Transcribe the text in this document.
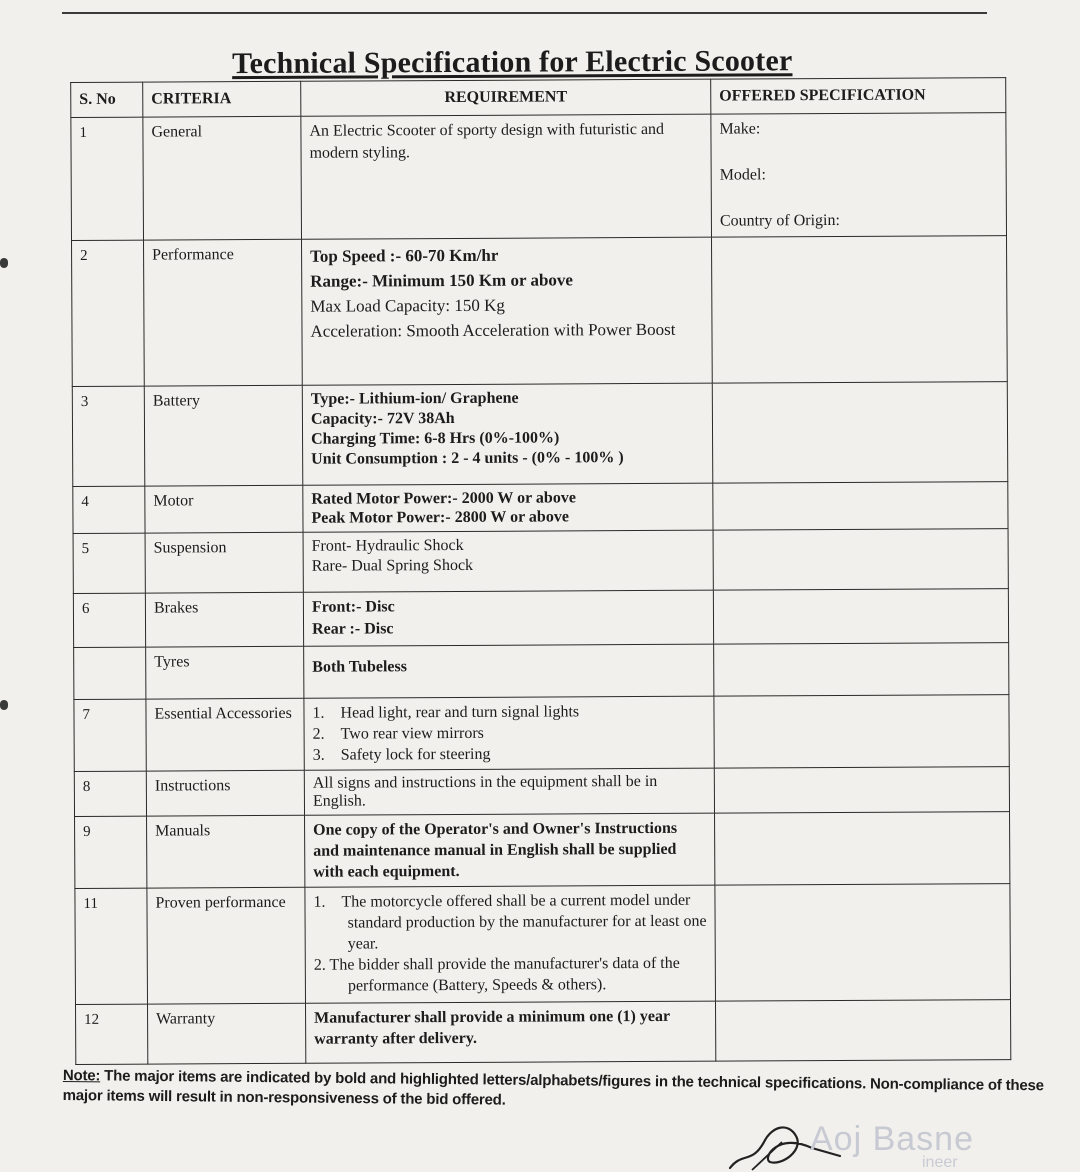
Technical Specification for Electric Scooter
S. No	CRITERIA	REQUIREMENT	OFFERED SPECIFICATION
1	General	An Electric Scooter of sporty design with futuristic and modern styling.	Make:
Model:
Country of Origin:

2	Performance	Top Speed :- 60-70 Km/hr
Range:- Minimum 150 Km or above
Max Load Capacity: 150 Kg
Acceleration: Smooth Acceleration with Power Boost	

3	Battery	Type:- Lithium-ion/ Graphene
Capacity:- 72V 38Ah
Charging Time: 6-8 Hrs (0%-100%)
Unit Consumption : 2 - 4 units - (0% - 100% )	

4	Motor	Rated Motor Power:- 2000 W or above
Peak Motor Power:- 2800 W or above	

5	Suspension	Front- Hydraulic Shock
Rare- Dual Spring Shock	

6	Brakes	Front:- Disc
Rear :- Disc	

	Tyres	Both Tubeless	

7	Essential Accessories	1. Head light, rear and turn signal lights
2. Two rear view mirrors
3. Safety lock for steering	

8	Instructions	All signs and instructions in the equipment shall be in English.	

9	Manuals	One copy of the Operator's and Owner's Instructions and maintenance manual in English shall be supplied with each equipment.	

11	Proven performance	1. The motorcycle offered shall be a current model under standard production by the manufacturer for at least one year.
2. The bidder shall provide the manufacturer's data of the performance (Battery, Speeds & others).	

12	Warranty	Manufacturer shall provide a minimum one (1) year warranty after delivery.	

Note: The major items are indicated by bold and highlighted letters/alphabets/figures in the technical specifications. Non-compliance of these major items will result in non-responsiveness of the bid offered.
Aoj Basne
ineer
